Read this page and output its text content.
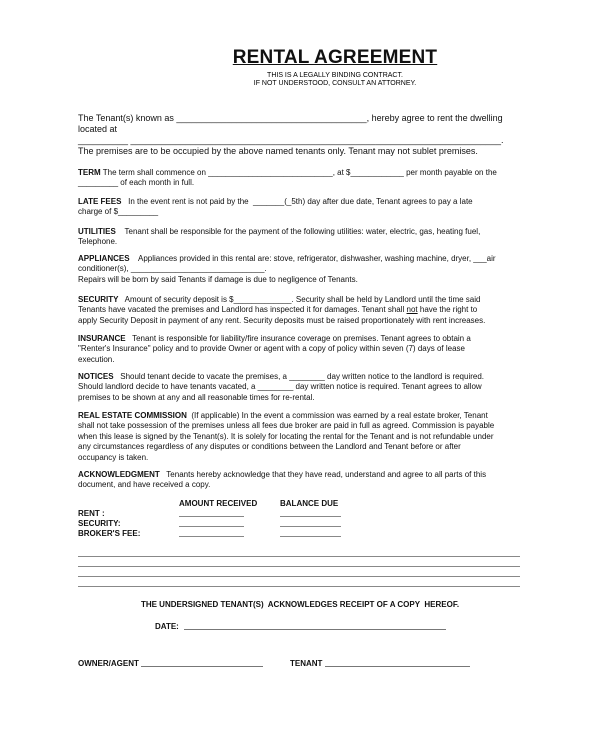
RENTAL AGREEMENT
THIS IS A LEGALLY BINDING CONTRACT.
IF NOT UNDERSTOOD, CONSULT AN ATTORNEY.
The Tenant(s) known as ______________________________________, hereby agree to rent the dwelling
located at
__________ __________________________________________________________________________.
The premises are to be occupied by the above named tenants only. Tenant may not sublet premises.
TERM The term shall commence on ____________________________, at $____________ per month payable on the
_________ of each month in full.
LATE FEES   In the event rent is not paid by the  _______(_5th) day after due date, Tenant agrees to pay a late
charge of $_________
UTILITIES    Tenant shall be responsible for the payment of the following utilities: water, electric, gas, heating fuel,
Telephone.
APPLIANCES    Appliances provided in this rental are: stove, refrigerator, dishwasher, washing machine, dryer, ___air
conditioner(s), ______________________________.
Repairs will be born by said Tenants if damage is due to negligence of Tenants.
SECURITY   Amount of security deposit is $_____________. Security shall be held by Landlord until the time said
Tenants have vacated the premises and Landlord has inspected it for damages. Tenant shall not have the right to
apply Security Deposit in payment of any rent. Security deposits must be raised proportionately with rent increases.
INSURANCE   Tenant is responsible for liability/fire insurance coverage on premises. Tenant agrees to obtain a
"Renter's Insurance" policy and to provide Owner or agent with a copy of policy within seven (7) days of lease
execution.
NOTICES   Should tenant decide to vacate the premises, a ________ day written notice to the landlord is required.
Should landlord decide to have tenants vacated, a ________ day written notice is required. Tenant agrees to allow
premises to be shown at any and all reasonable times for re-rental.
REAL ESTATE COMMISSION  (If applicable) In the event a commission was earned by a real estate broker, Tenant
shall not take possession of the premises unless all fees due broker are paid in full as agreed. Commission is payable
when this lease is signed by the Tenant(s). It is solely for locating the rental for the Tenant and is not refundable under
any circumstances regardless of any disputes or conditions between the Landlord and Tenant before or after
occupancy is taken.
ACKNOWLEDGMENT   Tenants hereby acknowledge that they have read, understand and agree to all parts of this
document, and have received a copy.
AMOUNT RECEIVED	BALANCE DUE
RENT :
SECURITY:
BROKER'S FEE:
THE UNDERSIGNED TENANT(S)  ACKNOWLEDGES RECEIPT OF A COPY  HEREOF.
DATE:
OWNER/AGENT	TENANT
